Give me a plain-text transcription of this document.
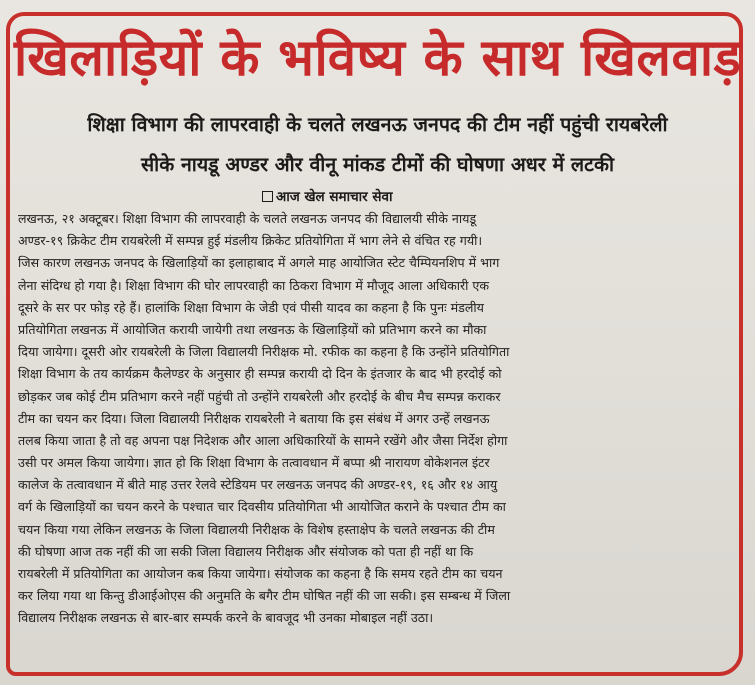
खिलाड़ियों के भविष्य के साथ खिलवाड़
शिक्षा विभाग की लापरवाही के चलते लखनऊ जनपद की टीम नहीं पहुंची रायबरेली
सीके नायडू अण्डर और वीनू मांकड टीमों की घोषणा अधर में लटकी
आज खेल समाचार सेवा
लखनऊ, २१ अक्टूबर। शिक्षा विभाग की लापरवाही के चलते लखनऊ जनपद की विद्यालयी सीके नायडू
अण्डर-१९ क्रिकेट टीम रायबरेली में सम्पन्न हुई मंडलीय क्रिकेट प्रतियोगिता में भाग लेने से वंचित रह गयी।
जिस कारण लखनऊ जनपद के खिलाड़ियों का इलाहाबाद में अगले माह आयोजित स्टेट चैम्पियनशिप में भाग
लेना संदिग्ध हो गया है। शिक्षा विभाग की घोर लापरवाही का ठिकरा विभाग में मौजूद आला अधिकारी एक
दूसरे के सर पर फोड़ रहे हैं। हालांकि शिक्षा विभाग के जेडी एवं पीसी यादव का कहना है कि पुनः मंडलीय
प्रतियोगिता लखनऊ में आयोजित करायी जायेगी तथा लखनऊ के खिलाड़ियों को प्रतिभाग करने का मौका
दिया जायेगा। दूसरी ओर रायबरेली के जिला विद्यालयी निरीक्षक मो. रफीक का कहना है कि उन्होंने प्रतियोगिता
शिक्षा विभाग के तय कार्यक्रम कैलेण्डर के अनुसार ही सम्पन्न करायी दो दिन के इंतजार के बाद भी हरदोई को
छोड़कर जब कोई टीम प्रतिभाग करने नहीं पहुंची तो उन्होंने रायबरेली और हरदोई के बीच मैच सम्पन्न कराकर
टीम का चयन कर दिया। जिला विद्यालयी निरीक्षक रायबरेली ने बताया कि इस संबंध में अगर उन्हें लखनऊ
तलब किया जाता है तो वह अपना पक्ष निदेशक और आला अधिकारियों के सामने रखेंगे और जैसा निर्देश होगा
उसी पर अमल किया जायेगा। ज्ञात हो कि शिक्षा विभाग के तत्वावधान में बप्पा श्री नारायण वोकेशनल इंटर
कालेज के तत्वावधान में बीते माह उत्तर रेलवे स्टेडियम पर लखनऊ जनपद की अण्डर-१९, १६ और १४ आयु
वर्ग के खिलाड़ियों का चयन करने के पश्चात चार दिवसीय प्रतियोगिता भी आयोजित कराने के पश्चात टीम का
चयन किया गया लेकिन लखनऊ के जिला विद्यालयी निरीक्षक के विशेष हस्ताक्षेप के चलते लखनऊ की टीम
की घोषणा आज तक नहीं की जा सकी जिला विद्यालय निरीक्षक और संयोजक को पता ही नहीं था कि
रायबरेली में प्रतियोगिता का आयोजन कब किया जायेगा। संयोजक का कहना है कि समय रहते टीम का चयन
कर लिया गया था किन्तु डीआईओएस की अनुमति के बगैर टीम घोषित नहीं की जा सकी। इस सम्बन्ध में जिला
विद्यालय निरीक्षक लखनऊ से बार-बार सम्पर्क करने के बावजूद भी उनका मोबाइल नहीं उठा।
